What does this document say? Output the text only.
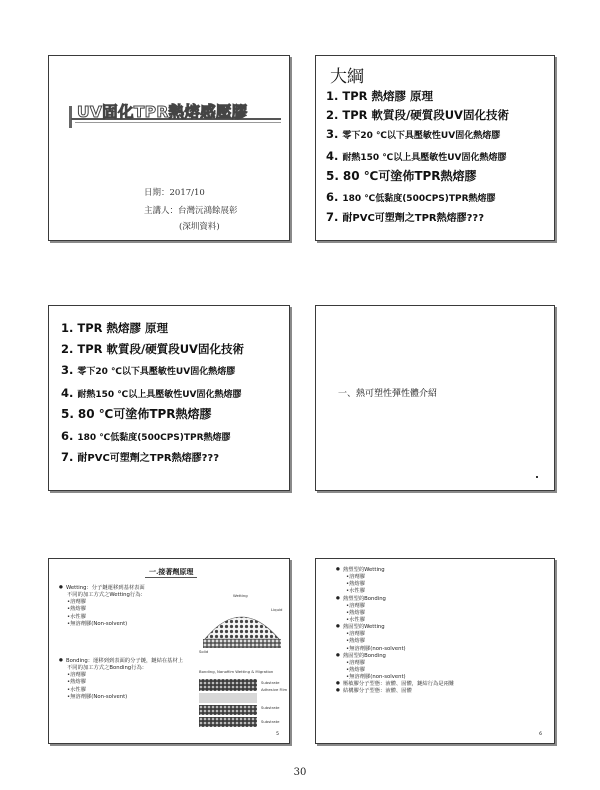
UV固化TPR熱熔感壓膠
日期：2017/10
主講人：台灣沅鴻餘展彰
(深圳資料)
大綱
1. TPR 熱熔膠 原理
2. TPR 軟質段/硬質段UV固化技術
3. 零下20 ℃以下具壓敏性UV固化熱熔膠
4. 耐熱150 ℃以上具壓敏性UV固化熱熔膠
5. 80 ℃可塗佈TPR熱熔膠
6. 180 ℃低黏度(500CPS)TPR熱熔膠
7. 耐PVC可塑劑之TPR熱熔膠???
1. TPR 熱熔膠 原理
2. TPR 軟質段/硬質段UV固化技術
3. 零下20 ℃以下具壓敏性UV固化熱熔膠
4. 耐熱150 ℃以上具壓敏性UV固化熱熔膠
5. 80 ℃可塗佈TPR熱熔膠
6. 180 ℃低黏度(500CPS)TPR熱熔膠
7. 耐PVC可塑劑之TPR熱熔膠???
一、熱可塑性彈性體介紹
一.接著劑原理
● Wetting：分子鏈運移到基材表面
不同的加工方式之Wetting行為：
•溶劑膠
•熱熔膠
•水性膠
•無溶劑膠(Non-solvent)
● Bonding：運移到到表面的分子鏈，鏈結在基材上
不同的加工方式之Bonding行為：
•溶劑膠
•熱熔膠
•水性膠
•無溶劑膠(Non-solvent)
Wetting
Liquid
Solid
Bonding, Nanofilm Wetting & Migration
Substrate
Adhesive Film
Substrate
Substrate
5
● 熱塑型的Wetting
•溶劑膠
•熱熔膠
•水性膠
● 熱塑型的Bonding
•溶劑膠
•熱熔膠
•水性膠
● 熱固型的Wetting
•溶劑膠
•熱熔膠
•無溶劑膠(non-solvent)
● 熱固型的Bonding
•溶劑膠
•熱熔膠
•無溶劑膠(non-solvent)
● 壓敏膠分子型態：液體、固體，鏈結行為是兩難
● 結構膠分子型態：液體、固體
6
30
